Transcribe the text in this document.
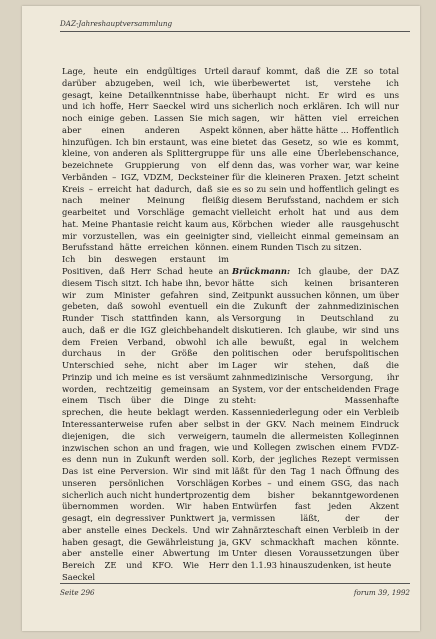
DAZ-Jahreshauptversammlung

Lage, heute ein endgültiges Urteil darüber abzugeben, weil ich, wie gesagt, keine Detailkenntnisse habe, und ich hoffe, Herr Saeckel wird uns noch einige geben. Lassen Sie mich aber einen anderen Aspekt hinzufügen. Ich bin erstaunt, was eine kleine, von anderen als Splittergruppe bezeichnete Gruppierung von elf Verbänden – IGZ, VDZM, Decksteiner Kreis – erreicht hat dadurch, daß sie nach meiner Meinung fleißig gearbeitet und Vorschläge gemacht hat. Meine Phantasie reicht kaum aus, mir vorzustellen, was ein geeinigter Berufsstand hätte erreichen können. Ich bin deswegen erstaunt im Positiven, daß Herr Schad heute an diesem Tisch sitzt. Ich habe ihn, bevor wir zum Minister gefahren sind, gebeten, daß sowohl eventuell ein Runder Tisch stattfinden kann, als auch, daß er die IGZ gleichbehandelt dem Freien Verband, obwohl ich durchaus in der Größe den Unterschied sehe, nicht aber im Prinzip und ich meine es ist versäumt worden, rechtzeitig gemeinsam an einem Tisch über die Dinge zu sprechen, die heute beklagt werden. Interessanterweise rufen aber selbst diejenigen, die sich verweigern, inzwischen schon an und fragen, wie es denn nun in Zukunft werden soll. Das ist eine Perversion. Wir sind mit unseren persönlichen Vorschlägen sicherlich auch nicht hundertprozentig übernommen worden. Wir haben gesagt, ein degressiver Punktwert ja, aber anstelle eines Deckels. Und wir haben gesagt, die Gewährleistung ja, aber anstelle einer Abwertung im Bereich ZE und KFO. Wie Herr Saeckel

darauf kommt, daß die ZE so total überbewertet ist, verstehe ich überhaupt nicht. Er wird es uns sicherlich noch erklären. Ich will nur sagen, wir hätten viel erreichen können, aber hätte hätte ... Hoffentlich bietet das Gesetz, so wie es kommt, für uns alle eine Überlebenschance, denn das, was vorher war, war keine für die kleineren Praxen. Jetzt scheint es so zu sein und hoffentlich gelingt es diesem Berufsstand, nachdem er sich vielleicht erholt hat und aus dem Körbchen wieder alle rausgehuscht sind, vielleicht einmal gemeinsam an einem Runden Tisch zu sitzen.

Brückmann: Ich glaube, der DAZ hätte sich keinen brisanteren Zeitpunkt aussuchen können, um über die Zukunft der zahnmedizinischen Versorgung in Deutschland zu diskutieren. Ich glaube, wir sind uns alle bewußt, egal in welchem politischen oder berufspolitischen Lager wir stehen, daß die zahnmedizinische Versorgung, ihr System, vor der entscheidenden Frage steht: Massenhafte Kassenniederlegung oder ein Verbleib in der GKV. Nach meinem Eindruck taumeln die allermeisten Kolleginnen und Kollegen zwischen einem FVDZ-Korb, der jegliches Rezept vermissen läßt für den Tag 1 nach Öffnung des Korbes – und einem GSG, das nach dem bisher bekanntgewordenen Entwürfen fast jeden Akzent vermissen läßt, der der Zahnärzteschaft einen Verbleib in der GKV schmackhaft machen könnte. Unter diesen Voraussetzungen über den 1.1.93 hinauszudenken, ist heute

Seite 296	forum 39, 1992
